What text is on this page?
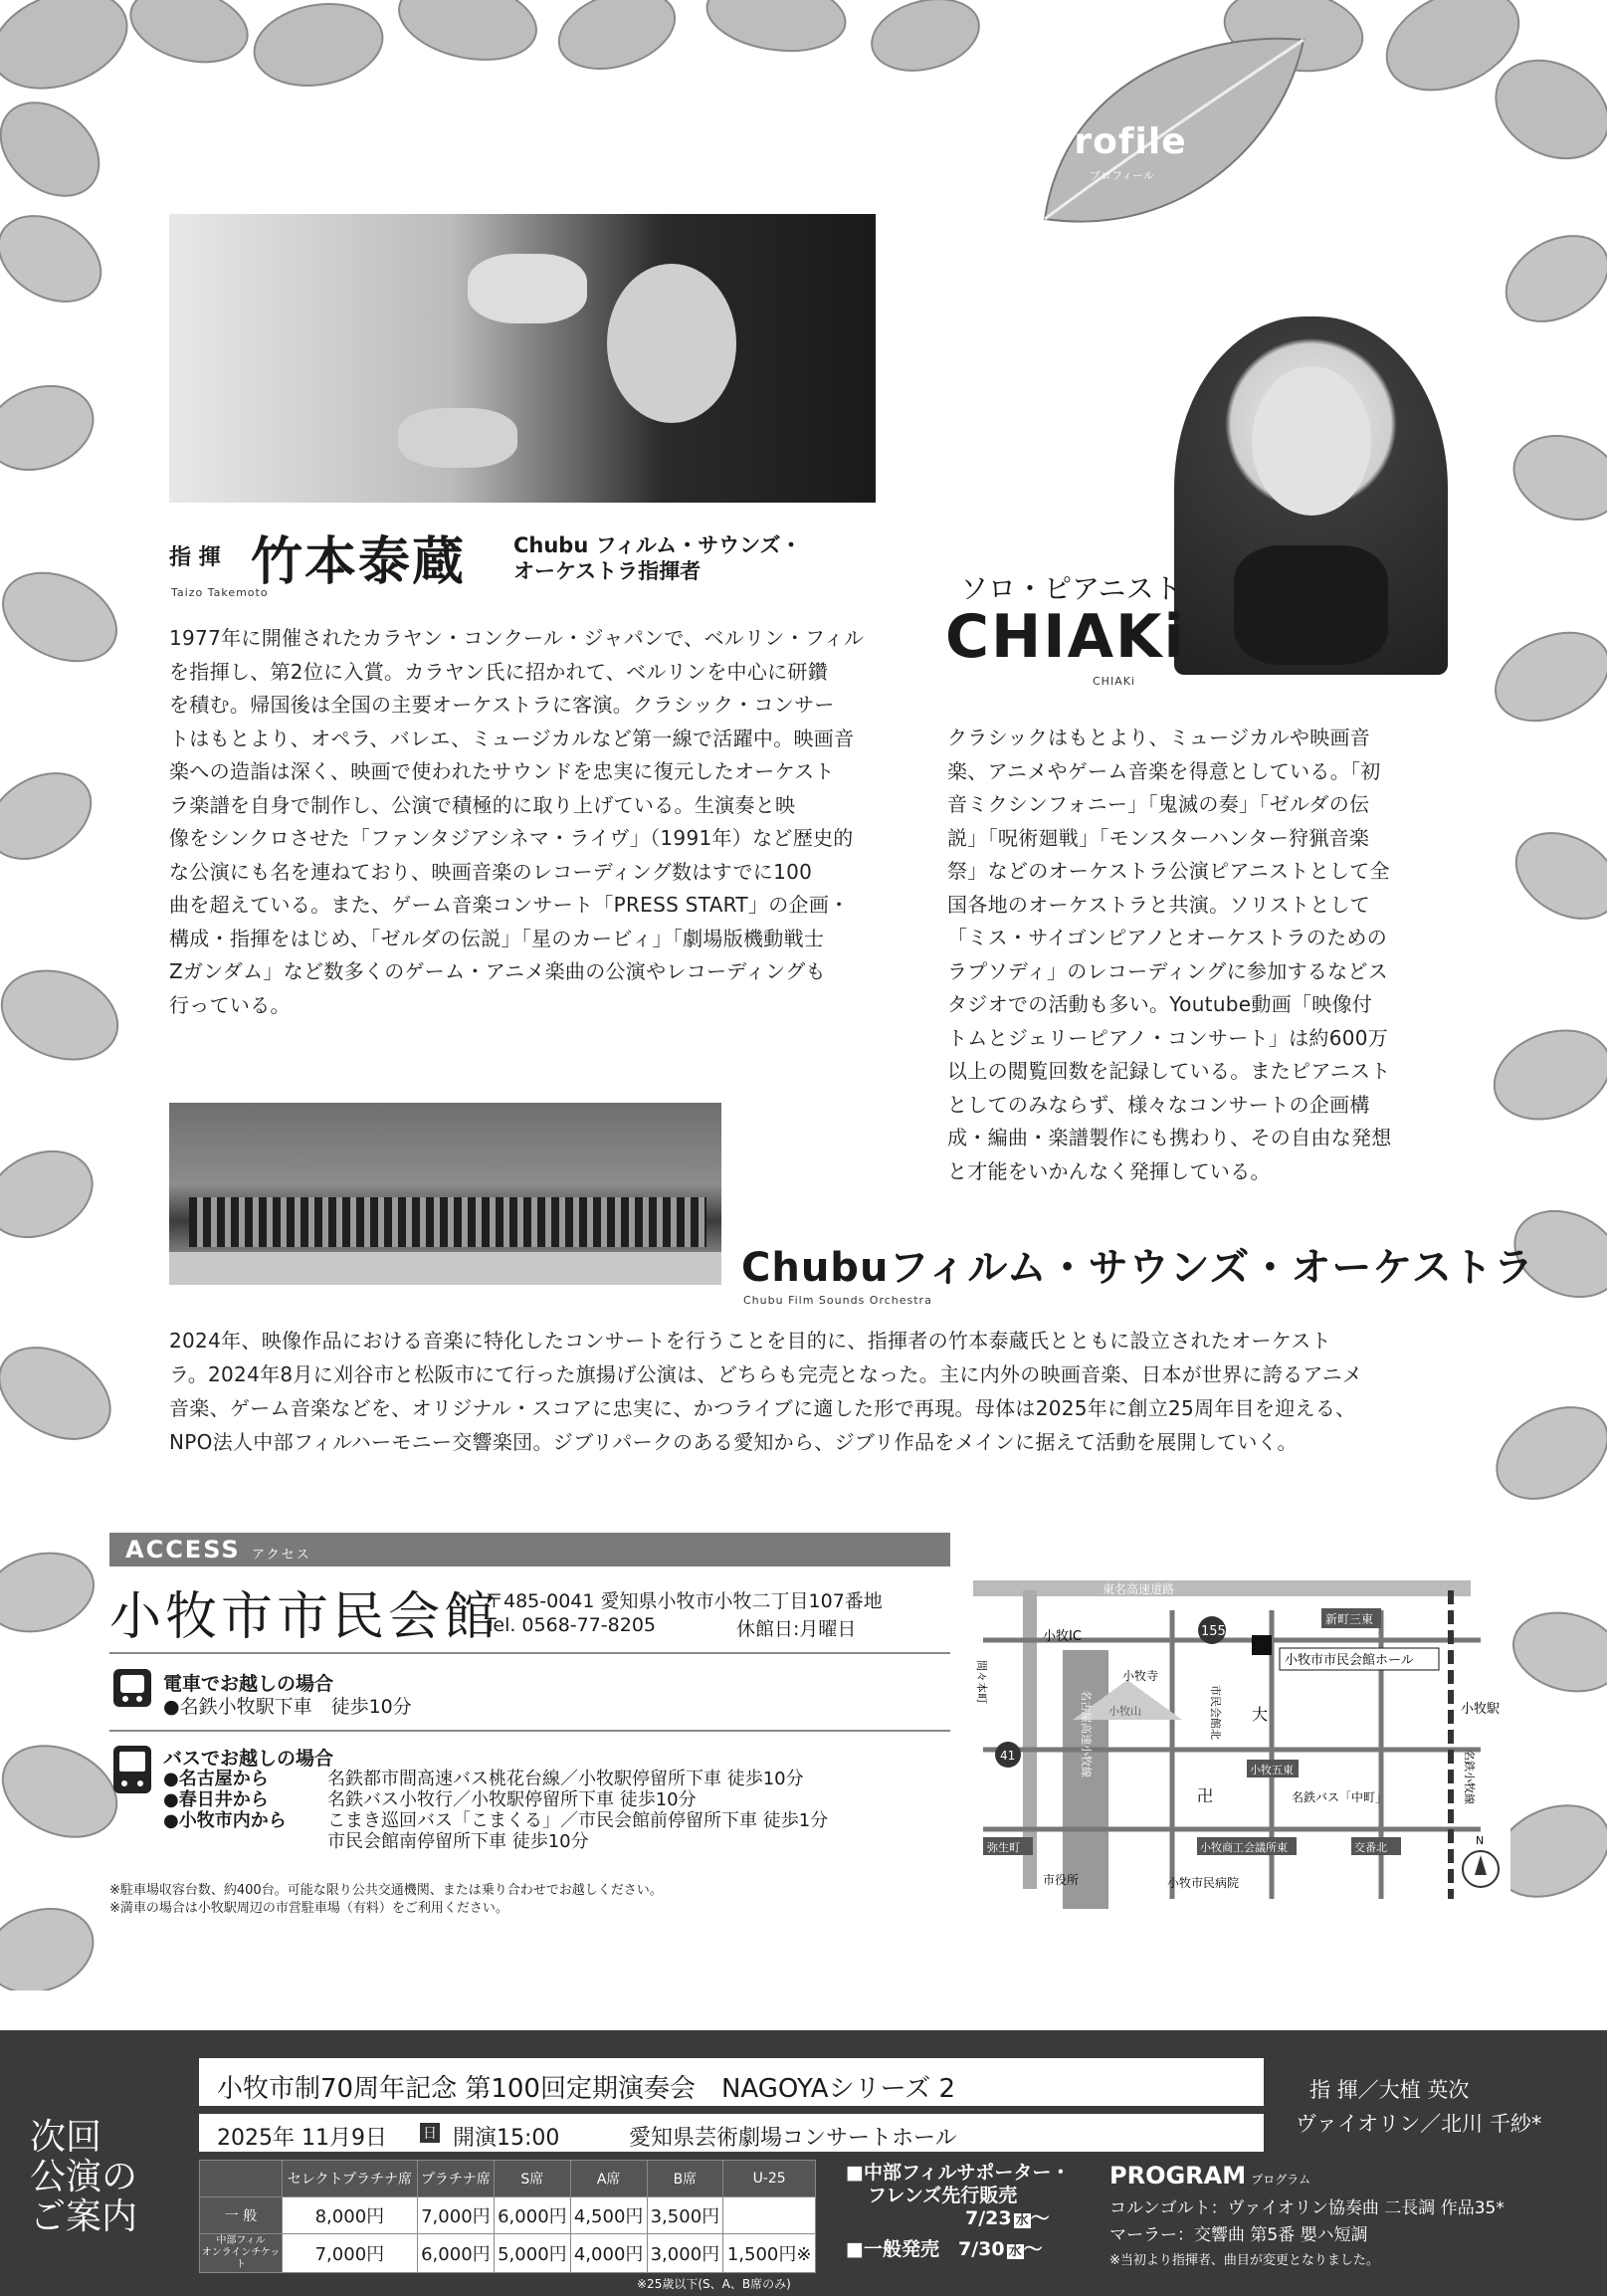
Profile
プロフィール
指 揮 竹本泰蔵
Taizo Takemoto
Chubu フィルム・サウンズ・
オーケストラ指揮者
1977年に開催されたカラヤン・コンクール・ジャパンで、ベルリン・フィル
を指揮し、第2位に入賞。カラヤン氏に招かれて、ベルリンを中心に研鑽
を積む。帰国後は全国の主要オーケストラに客演。クラシック・コンサー
トはもとより、オペラ、バレエ、ミュージカルなど第一線で活躍中。映画音
楽への造詣は深く、映画で使われたサウンドを忠実に復元したオーケスト
ラ楽譜を自身で制作し、公演で積極的に取り上げている。生演奏と映
像をシンクロさせた「ファンタジアシネマ・ライヴ」（1991年）など歴史的
な公演にも名を連ねており、映画音楽のレコーディング数はすでに100
曲を超えている。また、ゲーム音楽コンサート「PRESS START」の企画・
構成・指揮をはじめ、「ゼルダの伝説」「星のカービィ」「劇場版機動戦士
Zガンダム」など数多くのゲーム・アニメ楽曲の公演やレコーディングも
行っている。
ソロ・ピアニスト
CHIAKi
CHIAKi
クラシックはもとより、ミュージカルや映画音
楽、アニメやゲーム音楽を得意としている。「初
音ミクシンフォニー」「鬼滅の奏」「ゼルダの伝
説」「呪術廻戦」「モンスターハンター狩猟音楽
祭」などのオーケストラ公演ピアニストとして全
国各地のオーケストラと共演。ソリストとして
「ミス・サイゴンピアノとオーケストラのための
ラプソディ」のレコーディングに参加するなどス
タジオでの活動も多い。Youtube動画「映像付
トムとジェリーピアノ・コンサート」は約600万
以上の閲覧回数を記録している。またピアニスト
としてのみならず、様々なコンサートの企画構
成・編曲・楽譜製作にも携わり、その自由な発想
と才能をいかんなく発揮している。
Chubuフィルム・サウンズ・オーケストラ
Chubu Film Sounds Orchestra
2024年、映像作品における音楽に特化したコンサートを行うことを目的に、指揮者の竹本泰蔵氏とともに設立されたオーケスト
ラ。2024年8月に刈谷市と松阪市にて行った旗揚げ公演は、どちらも完売となった。主に内外の映画音楽、日本が世界に誇るアニメ
音楽、ゲーム音楽などを、オリジナル・スコアに忠実に、かつライブに適した形で再現。母体は2025年に創立25周年目を迎える、
NPO法人中部フィルハーモニー交響楽団。ジブリパークのある愛知から、ジブリ作品をメインに据えて活動を展開していく。
ACCESS アクセス
小牧市市民会館
〒485-0041 愛知県小牧市小牧二丁目107番地
Tel. 0568-77-8205	休館日:月曜日
電車でお越しの場合
●名鉄小牧駅下車　徒歩10分
バスでお越しの場合
●名古屋から	名鉄都市間高速バス桃花台線／小牧駅停留所下車 徒歩10分
●春日井から	名鉄バス小牧行／小牧駅停留所下車 徒歩10分
●小牧市内から	こまき巡回バス「こまくる」／市民会館前停留所下車 徒歩1分
市民会館南停留所下車 徒歩10分
※駐車場収容台数、約400台。可能な限り公共交通機関、または乗り合わせでお越しください。
※満車の場合は小牧駅周辺の市営駐車場（有料）をご利用ください。
東名高速道路
小牧山
小牧IC	155
新町三東
小牧市市民会館ホール
小牧寺
市民会館北	小牧駅
大
41	名鉄小牧線
小牧五東
卍	名鉄バス「中町」
弥生町	小牧商工会議所東	交番北
市役所	小牧市民病院
間々本町
名古屋高速小牧線
N
次回
公演の
ご案内
小牧市制70周年記念 第100回定期演奏会　NAGOYAシリーズ 2
2025年 11月9日	日 開演15:00	愛知県芸術劇場コンサートホール
指 揮／大植 英次
ヴァイオリン／北川 千紗*
	セレクトプラチナ席	プラチナ席	S席	A席	B席	U-25
一 般	8,000円	7,000円	6,000円	4,500円	3,500円	
中部フィル
オンラインチケット	7,000円	6,000円	5,000円	4,000円	3,000円	1,500円※
※25歳以下(S、A、B席のみ)
■中部フィルサポーター・
フレンズ先行販売
7/23 水 〜
■一般発売　 7/30 水 〜
PROGRAM プログラム
コルンゴルト：ヴァイオリン協奏曲 二長調 作品35*
マーラー：交響曲 第5番 嬰ハ短調
※当初より指揮者、曲目が変更となりました。
